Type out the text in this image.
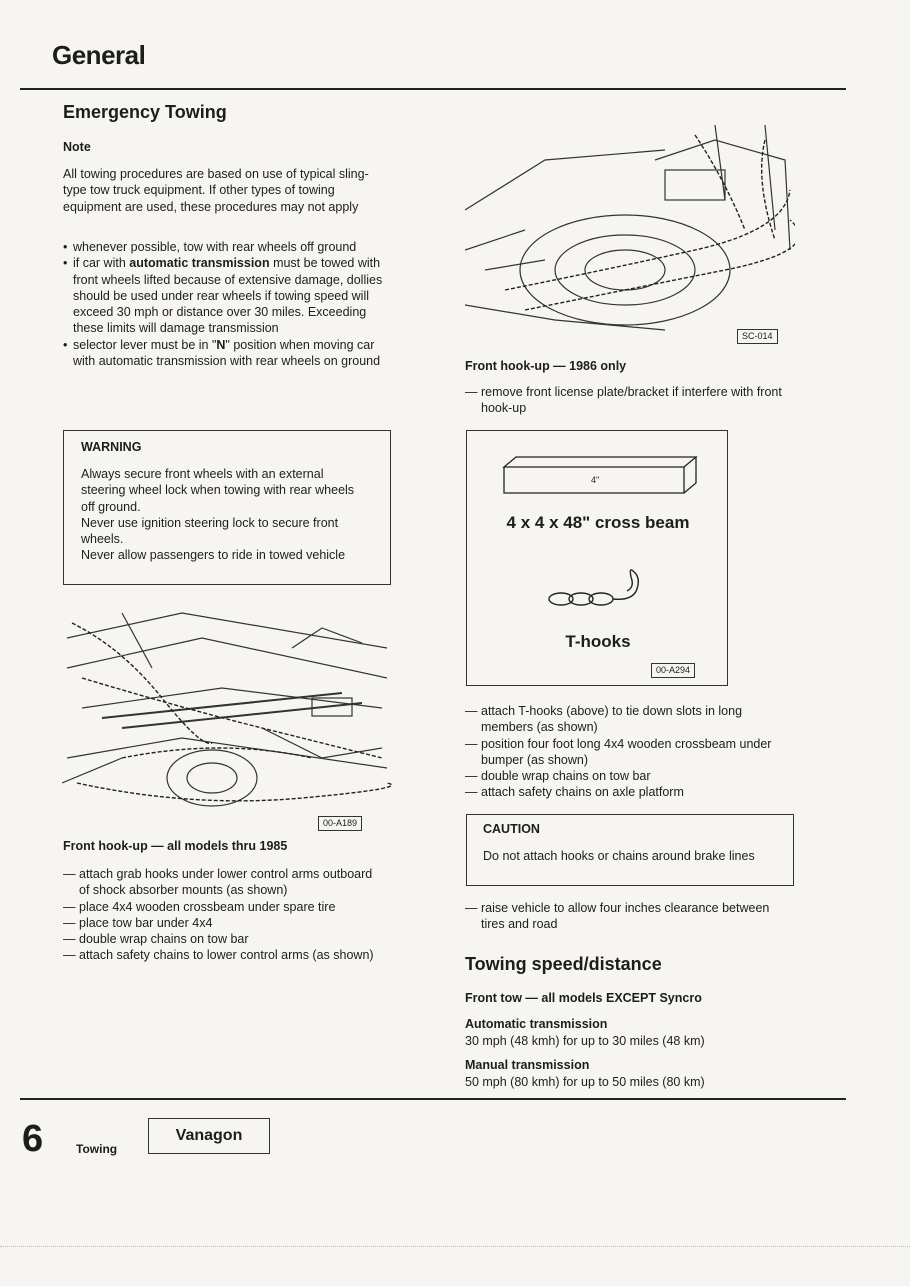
General
Emergency Towing
Note
All towing procedures are based on use of typical sling-type tow truck equipment. If other types of towing equipment are used, these procedures may not apply
• whenever possible, tow with rear wheels off ground
• if car with automatic transmission must be towed with front wheels lifted because of extensive damage, dollies should be used under rear wheels if towing speed will exceed 30 mph or distance over 30 miles. Exceeding these limits will damage transmission
• selector lever must be in "N" position when moving car with automatic transmission with rear wheels on ground
WARNING
Always secure front wheels with an external steering wheel lock when towing with rear wheels off ground.
Never use ignition steering lock to secure front wheels.
Never allow passengers to ride in towed vehicle
00-A189
Front hook-up — all models thru 1985
— attach grab hooks under lower control arms outboard of shock absorber mounts (as shown)
— place 4x4 wooden crossbeam under spare tire
— place tow bar under 4x4
— double wrap chains on tow bar
— attach safety chains to lower control arms (as shown)
SC-014
Front hook-up — 1986 only
— remove front license plate/bracket if interfere with front hook-up
4"
4 x 4 x 48" cross beam
T-hooks
00-A294
— attach T-hooks (above) to tie down slots in long members (as shown)
— position four foot long 4x4 wooden crossbeam under bumper (as shown)
— double wrap chains on tow bar
— attach safety chains on axle platform
CAUTION
Do not attach hooks or chains around brake lines
— raise vehicle to allow four inches clearance between tires and road
Towing speed/distance
Front tow — all models EXCEPT Syncro
Automatic transmission
30 mph (48 kmh) for up to 30 miles (48 km)
Manual transmission
50 mph (80 kmh) for up to 50 miles (80 km)
6	Towing
Vanagon
